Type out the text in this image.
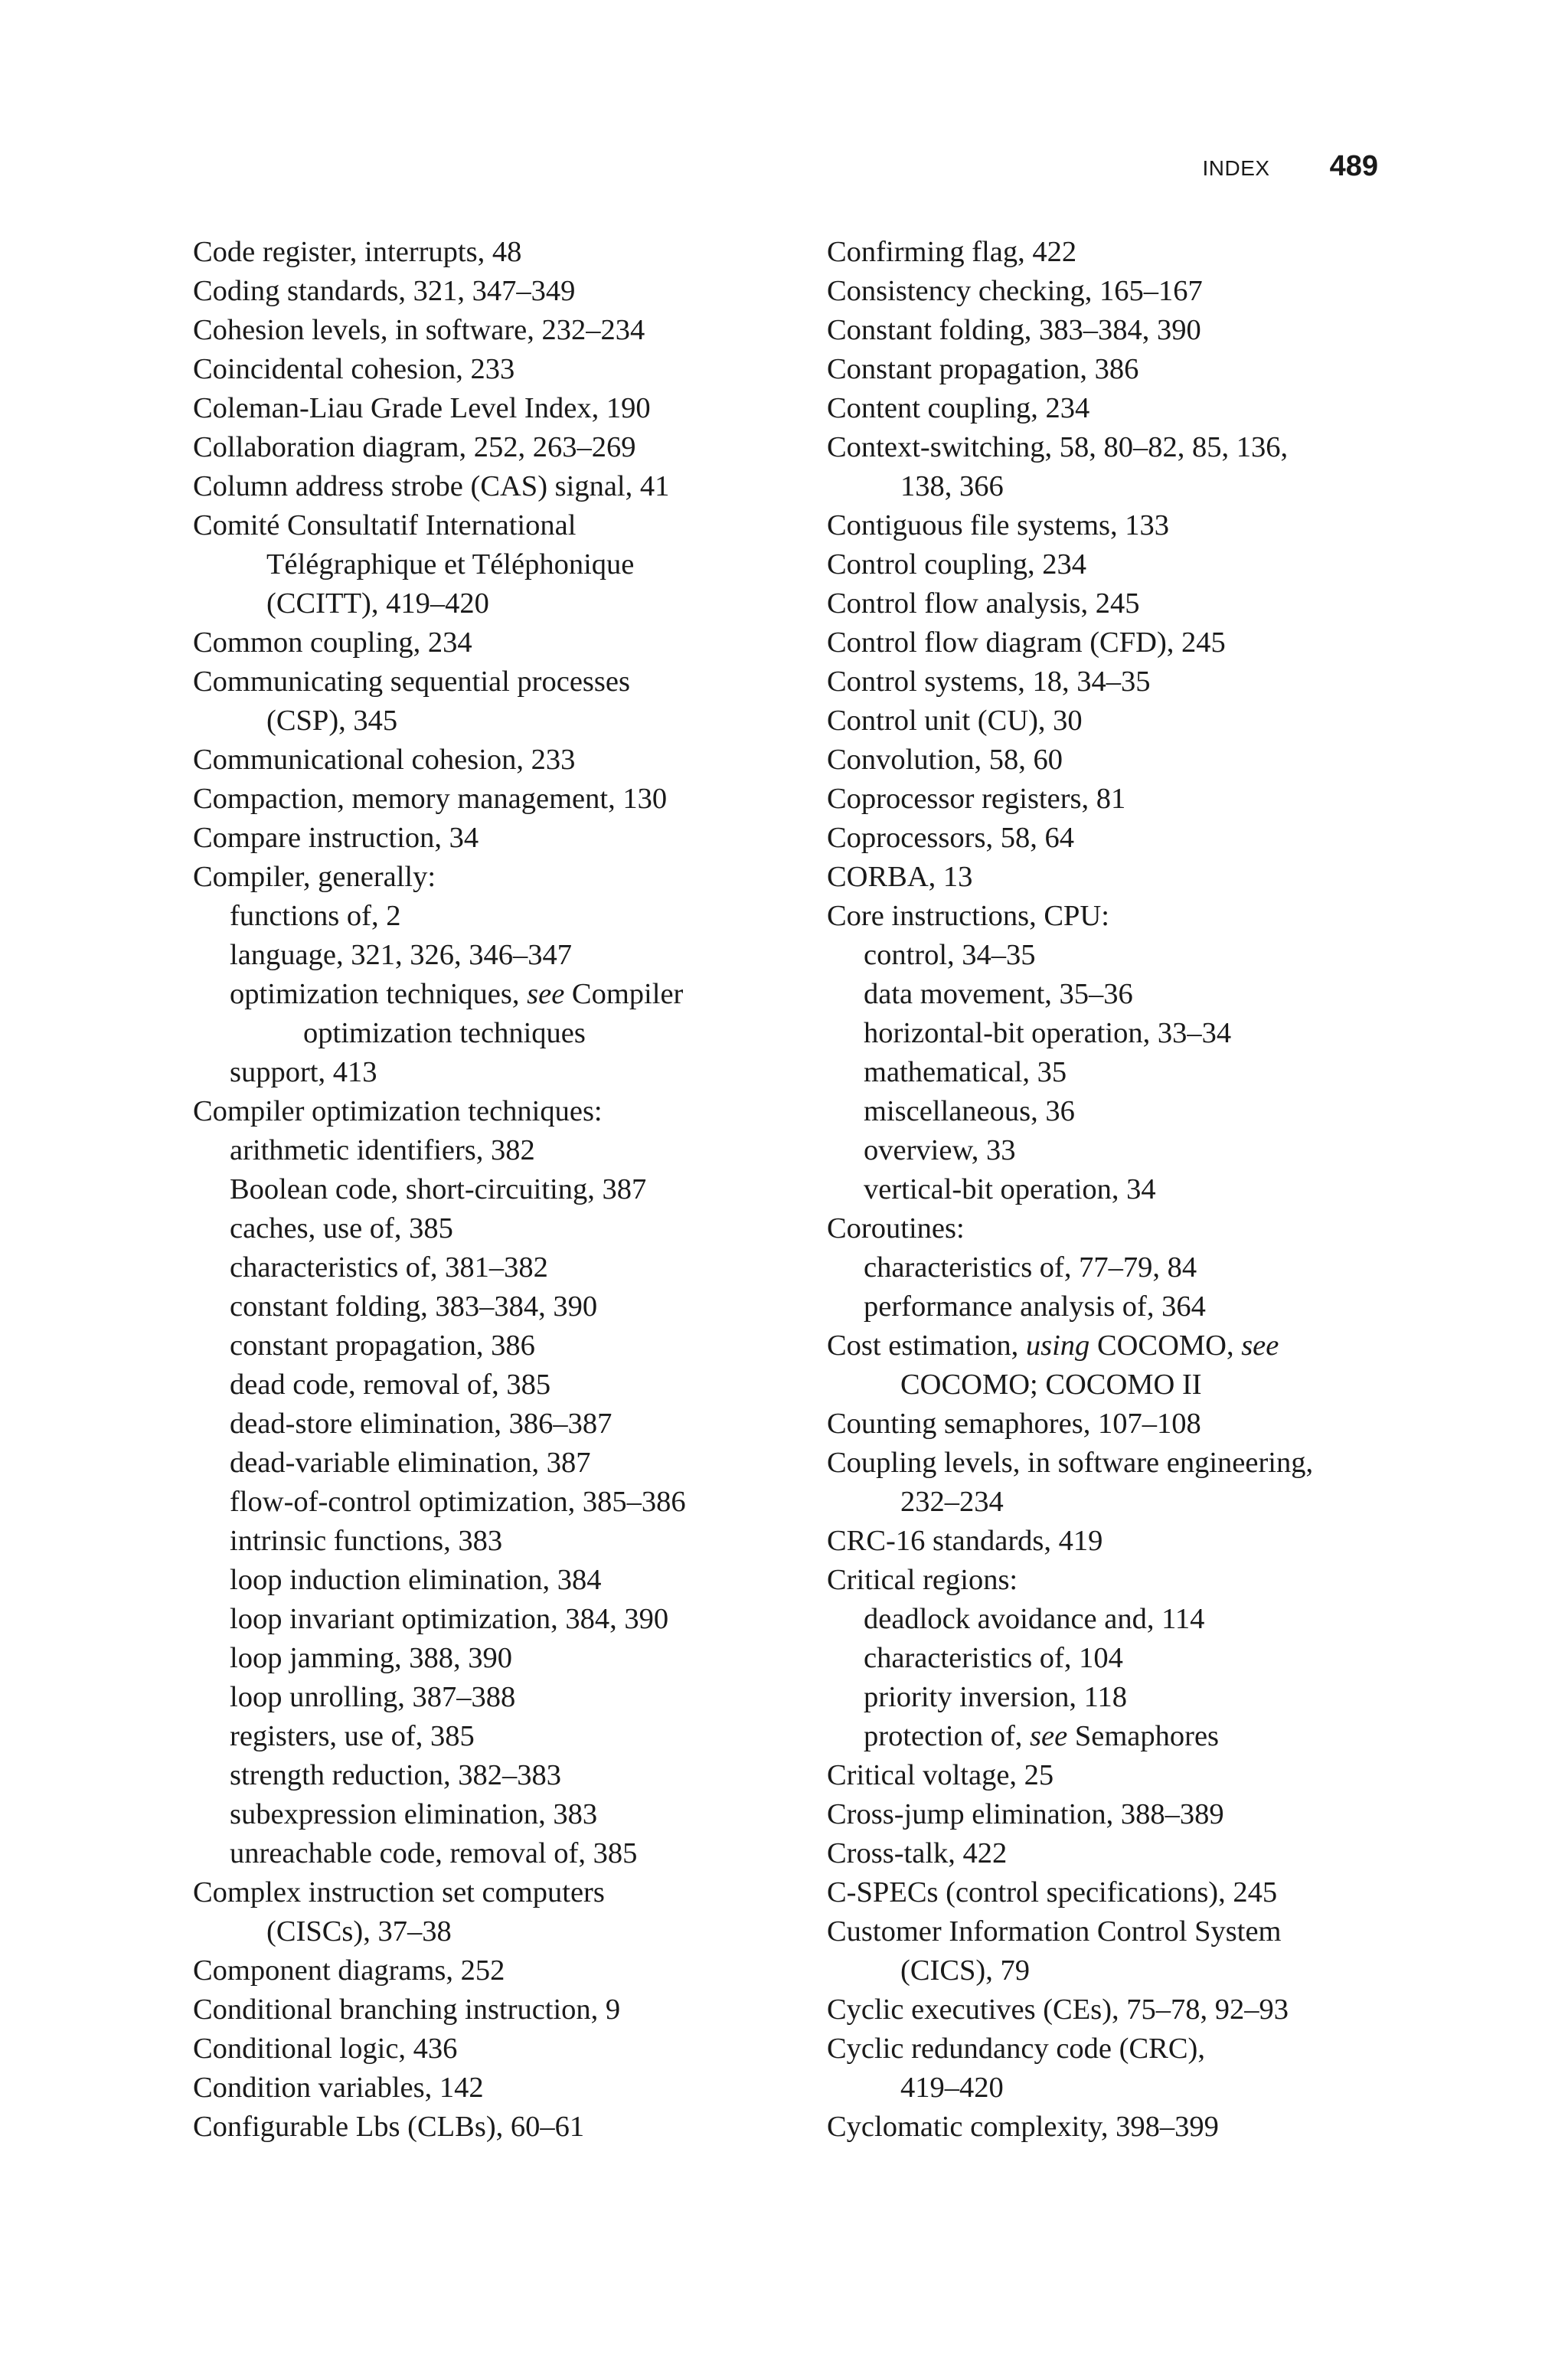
INDEX 489
Code register, interrupts, 48
Coding standards, 321, 347–349
Cohesion levels, in software, 232–234
Coincidental cohesion, 233
Coleman-Liau Grade Level Index, 190
Collaboration diagram, 252, 263–269
Column address strobe (CAS) signal, 41
Comité Consultatif International
Télégraphique et Téléphonique
(CCITT), 419–420
Common coupling, 234
Communicating sequential processes
(CSP), 345
Communicational cohesion, 233
Compaction, memory management, 130
Compare instruction, 34
Compiler, generally:
functions of, 2
language, 321, 326, 346–347
optimization techniques, see Compiler
optimization techniques
support, 413
Compiler optimization techniques:
arithmetic identifiers, 382
Boolean code, short-circuiting, 387
caches, use of, 385
characteristics of, 381–382
constant folding, 383–384, 390
constant propagation, 386
dead code, removal of, 385
dead-store elimination, 386–387
dead-variable elimination, 387
flow-of-control optimization, 385–386
intrinsic functions, 383
loop induction elimination, 384
loop invariant optimization, 384, 390
loop jamming, 388, 390
loop unrolling, 387–388
registers, use of, 385
strength reduction, 382–383
subexpression elimination, 383
unreachable code, removal of, 385
Complex instruction set computers
(CISCs), 37–38
Component diagrams, 252
Conditional branching instruction, 9
Conditional logic, 436
Condition variables, 142
Configurable Lbs (CLBs), 60–61
Confirming flag, 422
Consistency checking, 165–167
Constant folding, 383–384, 390
Constant propagation, 386
Content coupling, 234
Context-switching, 58, 80–82, 85, 136,
138, 366
Contiguous file systems, 133
Control coupling, 234
Control flow analysis, 245
Control flow diagram (CFD), 245
Control systems, 18, 34–35
Control unit (CU), 30
Convolution, 58, 60
Coprocessor registers, 81
Coprocessors, 58, 64
CORBA, 13
Core instructions, CPU:
control, 34–35
data movement, 35–36
horizontal-bit operation, 33–34
mathematical, 35
miscellaneous, 36
overview, 33
vertical-bit operation, 34
Coroutines:
characteristics of, 77–79, 84
performance analysis of, 364
Cost estimation, using COCOMO, see
COCOMO; COCOMO II
Counting semaphores, 107–108
Coupling levels, in software engineering,
232–234
CRC-16 standards, 419
Critical regions:
deadlock avoidance and, 114
characteristics of, 104
priority inversion, 118
protection of, see Semaphores
Critical voltage, 25
Cross-jump elimination, 388–389
Cross-talk, 422
C-SPECs (control specifications), 245
Customer Information Control System
(CICS), 79
Cyclic executives (CEs), 75–78, 92–93
Cyclic redundancy code (CRC),
419–420
Cyclomatic complexity, 398–399
